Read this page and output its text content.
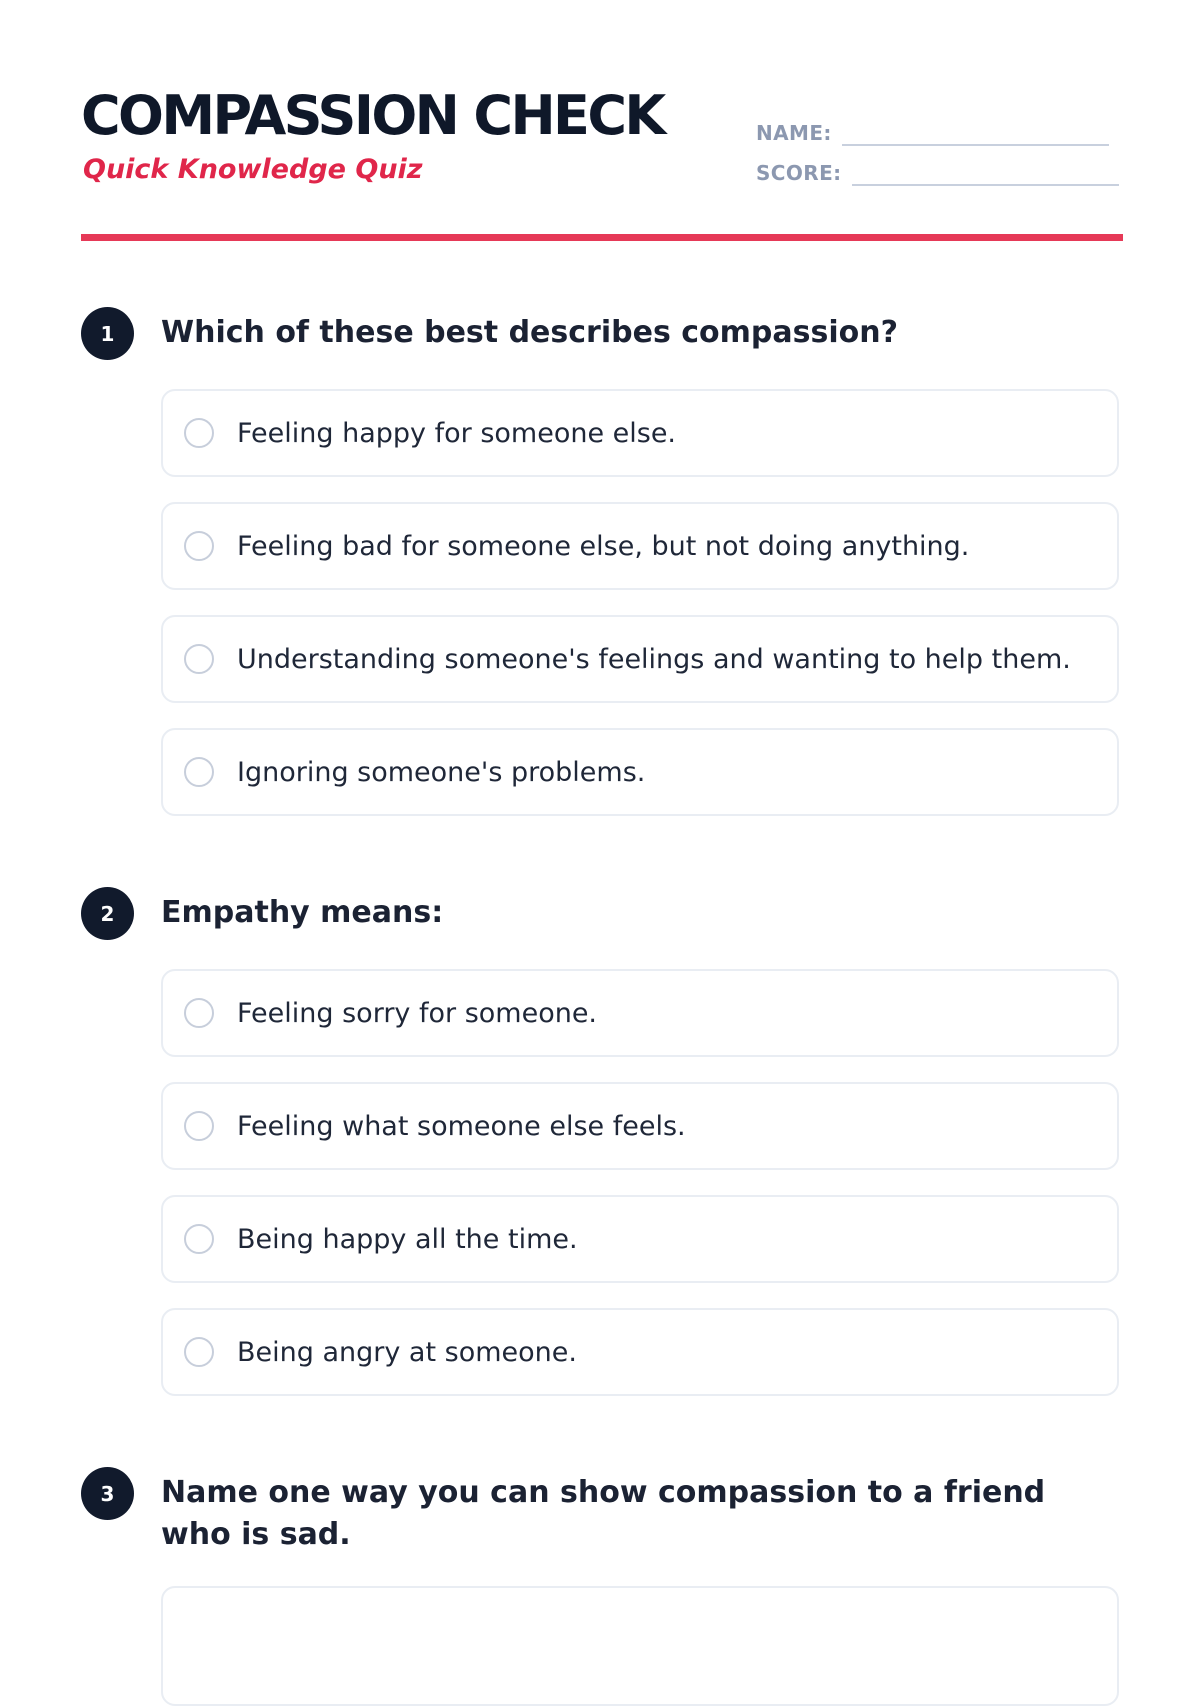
COMPASSION CHECK
Quick Knowledge Quiz
NAME:
SCORE:
1	Which of these best describes compassion?

Feeling happy for someone else.
Feeling bad for someone else, but not doing anything.
Understanding someone's feelings and wanting to help them.
Ignoring someone's problems.
2	Empathy means:

Feeling sorry for someone.
Feeling what someone else feels.
Being happy all the time.
Being angry at someone.
3	Name one way you can show compassion to a friend who is sad.
